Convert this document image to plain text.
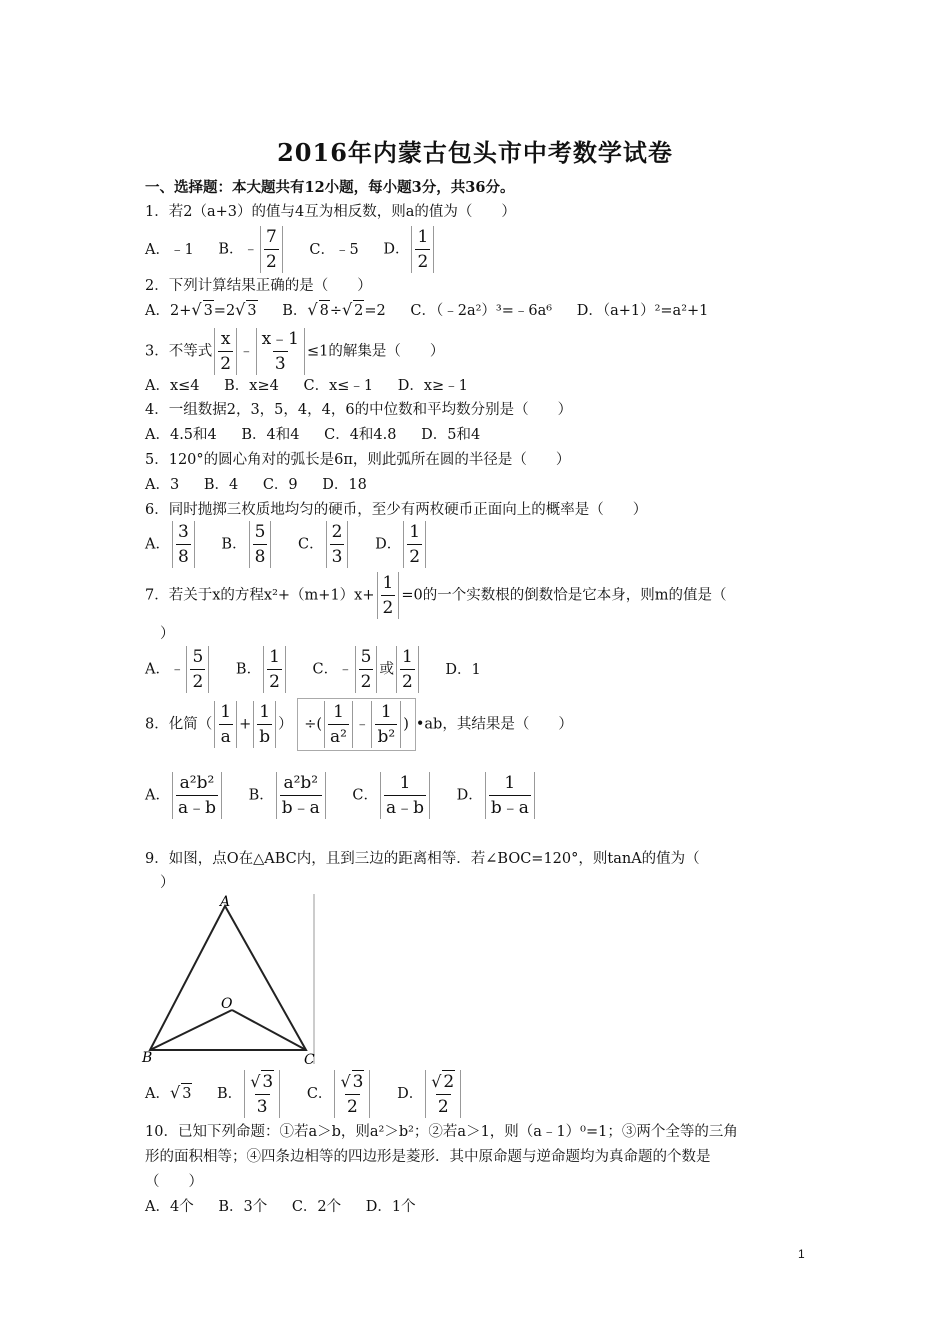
2016年内蒙古包头市中考数学试卷
一、选择题：本大题共有12小题，每小题3分，共36分。
1．若2（a+3）的值与4互为相反数，则a的值为（　　）
A．﹣1 B．﹣ $\frac{7}{2}$ C．﹣5 D． $\frac{1}{2}$
2．下列计算结果正确的是（　　）
A．2+√ 3=2√ 3 B．√ 8÷√ 2=2 C．（﹣2a²）³=﹣6a⁶ D．（a+1）²=a²+1
3．不等式 $\frac{x}{2}$ ﹣ $\frac{x﹣1}{3} \le 1$的解集是（　　）
A．x≤4 B．x≥4 C．x≤﹣1 D．x≥﹣1
4．一组数据2，3，5，4，4，6的中位数和平均数分别是（　　）
A．4.5和4 B．4和4 C．4和4.8 D．5和4
5．120°的圆心角对的弧长是6π，则此弧所在圆的半径是（　　）
A．3 B．4 C．9 D．18
6．同时抛掷三枚质地均匀的硬币，至少有两枚硬币正面向上的概率是（　　）
A． $\frac{3}{8}$ B． $\frac{5}{8}$ C． $\frac{2}{3}$ D． $\frac{1}{2}$
7．若关于x的方程$x^2+(m+1)x+ \frac{1}{2} =0$的一个实数根的倒数恰是它本身，则m的值是（
）
A．﹣ $\frac{5}{2}$ B． $\frac{1}{2}$ C．﹣ $\frac{5}{2}$ 或 $\frac{1}{2}$ D．1
8．化简（ $\frac{1}{a} + \frac{1}{b}$ ） ÷( $\frac{1}{\text{a²}}$ ﹣ $\frac{1}{\text{b²}}$ ) •ab，其结果是（　　）
A． $\frac{\text{a²b²}}{a﹣b}$ B． $\frac{\text{a²b²}}{b﹣a}$ C． $\frac{1}{a﹣b}$ D． $\frac{1}{b﹣a}$
9．如图，点O在△ABC内，且到三边的距离相等．若∠BOC=120°，则tanA的值为（
）
A
B	C
O
A．√ 3 B． $\frac{√ 3}{3}$ C． $\frac{√ 3}{2}$ D． $\frac{√ 2}{2}$
10．已知下列命题：①若a＞b，则a²＞b²；②若a＞1，则（a﹣1）⁰=1；③两个全等的三角
形的面积相等；④四条边相等的四边形是菱形．其中原命题与逆命题均为真命题的个数是
（　　）
A．4个 B．3个 C．2个 D．1个
1
